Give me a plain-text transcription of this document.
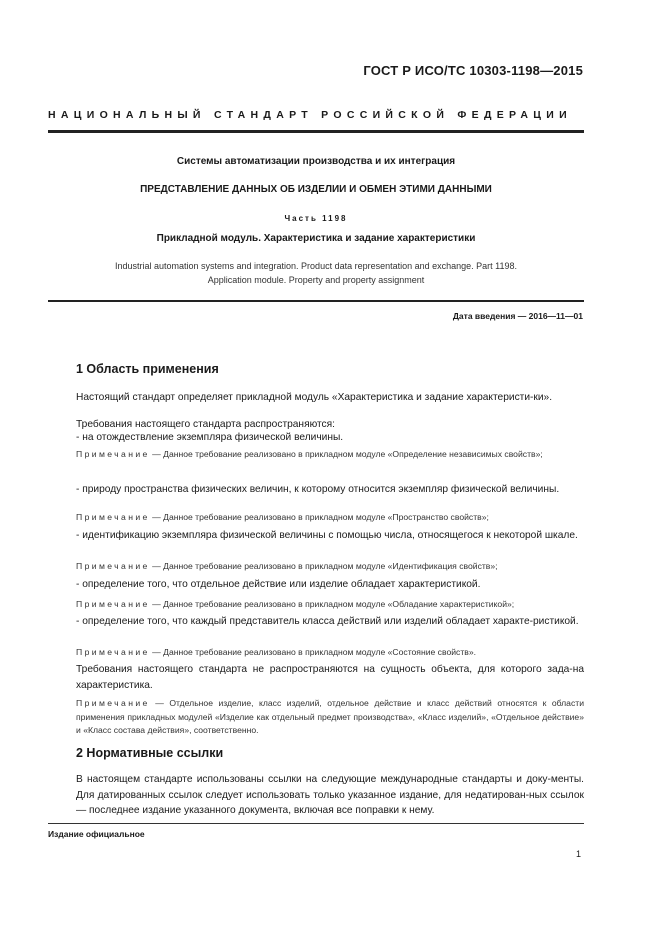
ГОСТ Р ИСО/ТС 10303-1198—2015
НАЦИОНАЛЬНЫЙ СТАНДАРТ РОССИЙСКОЙ ФЕДЕРАЦИИ
Системы автоматизации производства и их интеграция
ПРЕДСТАВЛЕНИЕ ДАННЫХ ОБ ИЗДЕЛИИ И ОБМЕН ЭТИМИ ДАННЫМИ
Часть 1198
Прикладной модуль. Характеристика и задание характеристики
Industrial automation systems and integration. Product data representation and exchange. Part 1198.
Application module. Property and property assignment
Дата введения — 2016—11—01
1 Область применения
Настоящий стандарт определяет прикладной модуль «Характеристика и задание характеристи-ки».
Требования настоящего стандарта распространяются:
- на отождествление экземпляра физической величины.
Примечание — Данное требование реализовано в прикладном модуле «Определение независимых свойств»;
- природу пространства физических величин, к которому относится экземпляр физической величины.
Примечание — Данное требование реализовано в прикладном модуле «Пространство свойств»;
- идентификацию экземпляра физической величины с помощью числа, относящегося к некоторой шкале.
Примечание — Данное требование реализовано в прикладном модуле «Идентификация свойств»;
- определение того, что отдельное действие или изделие обладает характеристикой.
Примечание — Данное требование реализовано в прикладном модуле «Обладание характеристикой»;
- определение того, что каждый представитель класса действий или изделий обладает характе-ристикой.
Примечание — Данное требование реализовано в прикладном модуле «Состояние свойств».
Требования настоящего стандарта не распространяются на сущность объекта, для которого зада-на характеристика.
Примечание — Отдельное изделие, класс изделий, отдельное действие и класс действий относятся к области применения прикладных модулей «Изделие как отдельный предмет производства», «Класс изделий», «Отдельное действие» и «Класс состава действия», соответственно.
2 Нормативные ссылки
В настоящем стандарте использованы ссылки на следующие международные стандарты и доку-менты. Для датированных ссылок следует использовать только указанное издание, для недатирован-ных ссылок — последнее издание указанного документа, включая все поправки к нему.
Издание официальное
1
